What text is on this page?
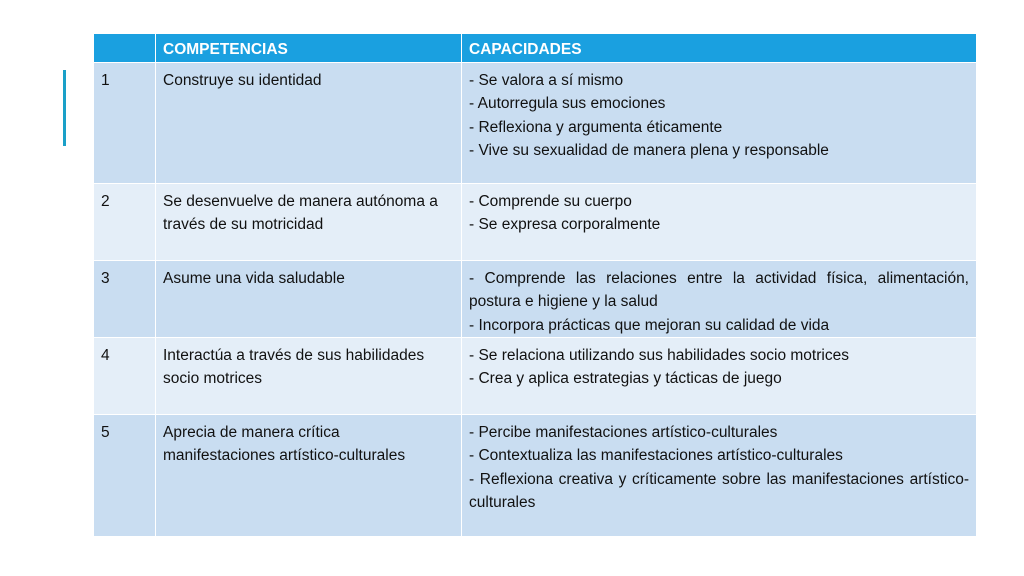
	COMPETENCIAS	CAPACIDADES
1	Construye su identidad	- Se valora a sí mismo
- Autorregula sus emociones
- Reflexiona y argumenta éticamente
- Vive su sexualidad de manera plena y responsable

2	Se desenvuelve de manera autónoma a través de su motricidad	- Comprende su cuerpo
- Se expresa corporalmente

3	Asume una vida saludable	- Comprende las relaciones entre la actividad física, alimentación, postura e higiene y la salud
- Incorpora prácticas que mejoran su calidad de vida

4	Interactúa a través de sus habilidades socio motrices	- Se relaciona utilizando sus habilidades socio motrices
- Crea y aplica estrategias y tácticas de juego

5	Aprecia de manera crítica manifestaciones artístico-culturales	- Percibe manifestaciones artístico-culturales
- Contextualiza las manifestaciones artístico-culturales
- Reflexiona creativa y críticamente sobre las manifestaciones artístico- culturales
